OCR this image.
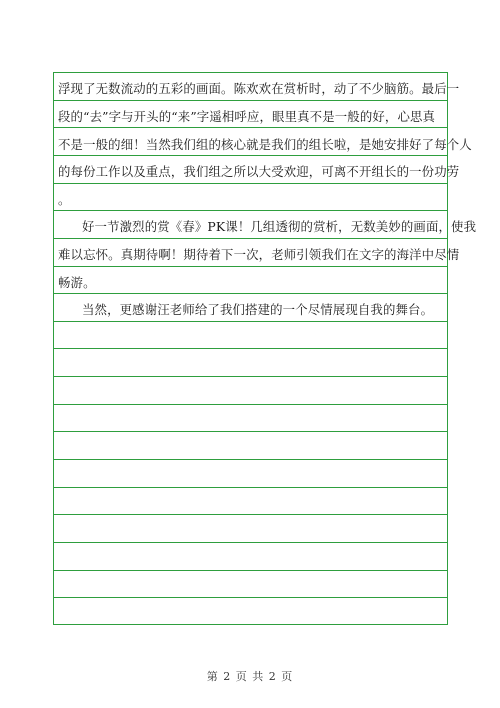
浮现了无数流动的五彩的画面。陈欢欢在赏析时，动了不少脑筋。最后一
段的“去”字与开头的“来”字遥相呼应，眼里真不是一般的好，心思真
不是一般的细！当然我们组的核心就是我们的组长啦，是她安排好了每个人
的每份工作以及重点，我们组之所以大受欢迎，可离不开组长的一份功劳
。
好一节激烈的赏《春》PK课！几组透彻的赏析，无数美妙的画面，使我
难以忘怀。真期待啊！期待着下一次，老师引领我们在文字的海洋中尽情
畅游。
当然，更感谢汪老师给了我们搭建的一个尽情展现自我的舞台。
第 2 页 共 2 页
